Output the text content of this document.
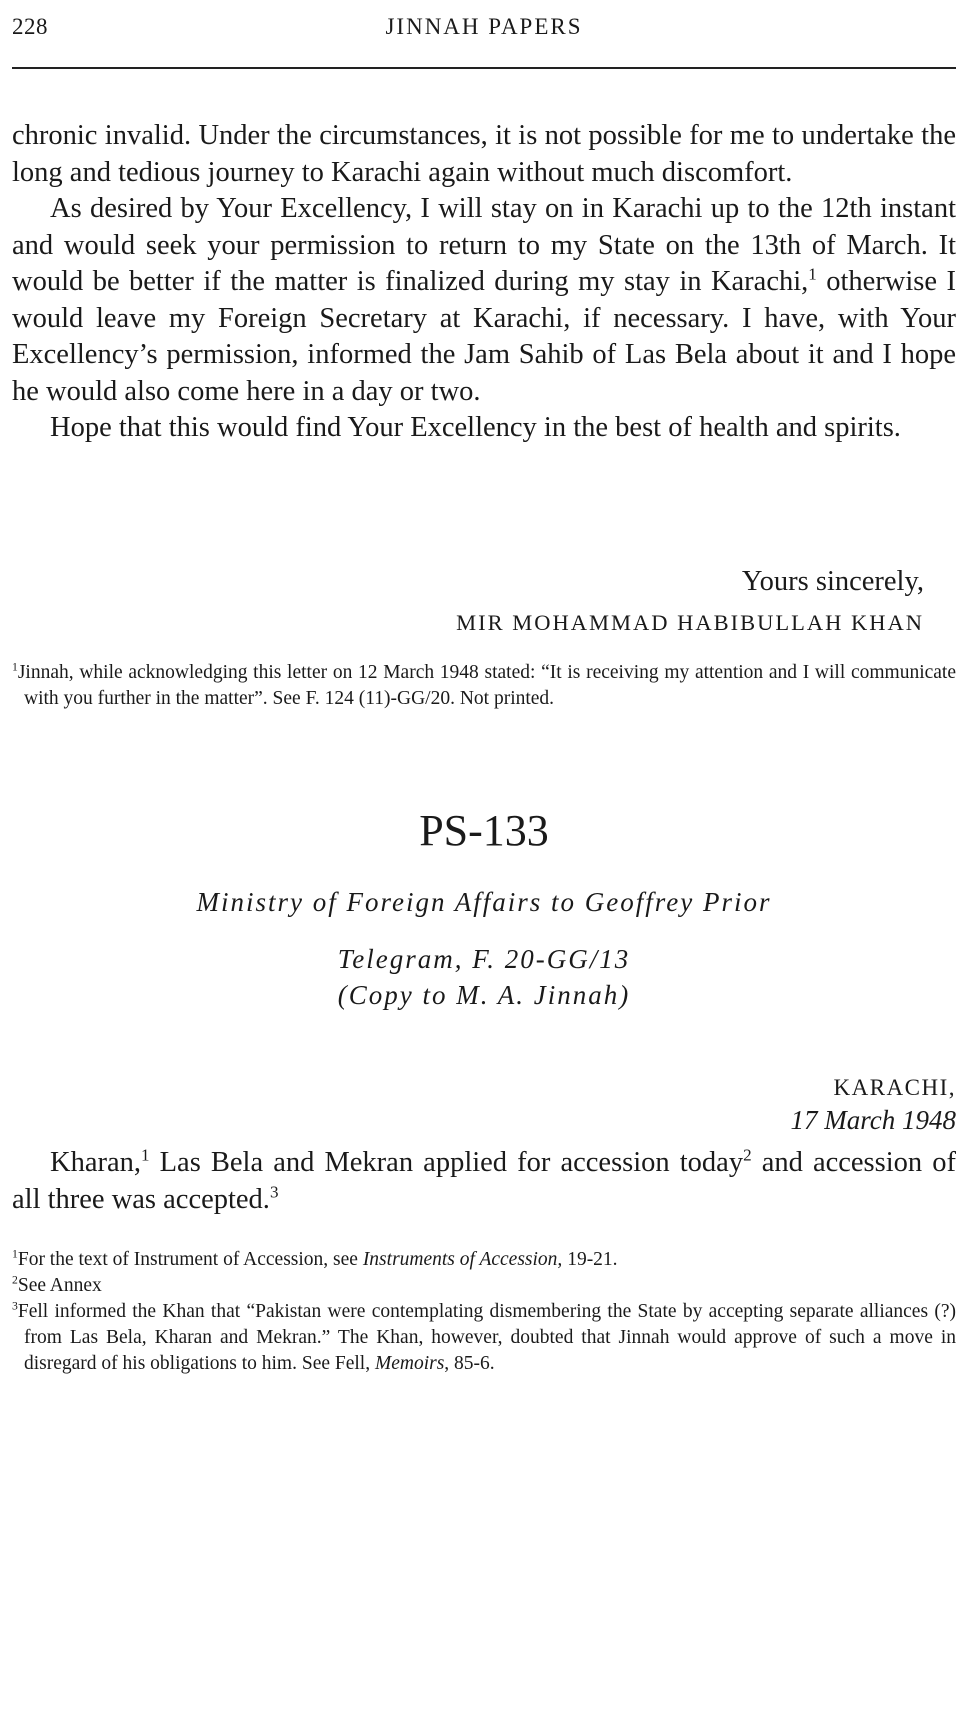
228	JINNAH PAPERS

chronic invalid. Under the circumstances, it is not possible for me to undertake the long and tedious journey to Karachi again without much discomfort.

As desired by Your Excellency, I will stay on in Karachi up to the 12th instant and would seek your permission to return to my State on the 13th of March. It would be better if the matter is finalized during my stay in Karachi,$^1$ otherwise I would leave my Foreign Secretary at Karachi, if necessary. I have, with Your Excellency’s permission, informed the Jam Sahib of Las Bela about it and I hope he would also come here in a day or two.

Hope that this would find Your Excellency in the best of health and spirits.

Yours sincerely,
MIR MOHAMMAD HABIBULLAH KHAN

$^1$Jinnah, while acknowledging this letter on 12 March 1948 stated: “It is receiving my attention and I will communicate with you further in the matter”. See F. 124 (11)-GG/20. Not printed.

PS-133
Ministry of Foreign Affairs to Geoffrey Prior
Telegram, F. 20-GG/13
(Copy to M. A. Jinnah)
KARACHI,
17 March 1948

Kharan,$^1$ Las Bela and Mekran applied for accession today$^2$ and accession of all three was accepted.$^3$

$^1$For the text of Instrument of Accession, see Instruments of Accession, 19-21.

$^2$See Annex

$^3$Fell informed the Khan that “Pakistan were contemplating dismembering the State by accepting separate alliances (?) from Las Bela, Kharan and Mekran.” The Khan, however, doubted that Jinnah would approve of such a move in disregard of his obligations to him. See Fell, Memoirs, 85-6.
